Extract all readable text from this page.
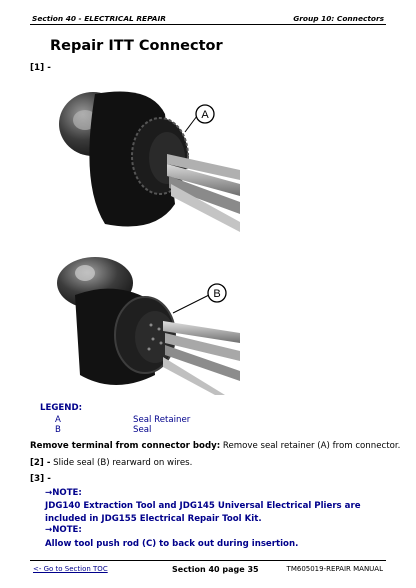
Section 40 - ELECTRICAL REPAIR	Group 10: Connectors
Repair ITT Connector
[1] -
A
B
LEGEND:
A	Seal Retainer
B	Seal
Remove terminal from connector body: Remove seal retainer (A) from connector.
[2] - Slide seal (B) rearward on wires.
[3] -
→NOTE:
JDG140 Extraction Tool and JDG145 Universal Electrical Pliers are included in JDG155 Electrical Repair Tool Kit.
→NOTE:
Allow tool push rod (C) to back out during insertion.
<- Go to Section TOC	Section 40 page 35	TM605019-REPAIR MANUAL
